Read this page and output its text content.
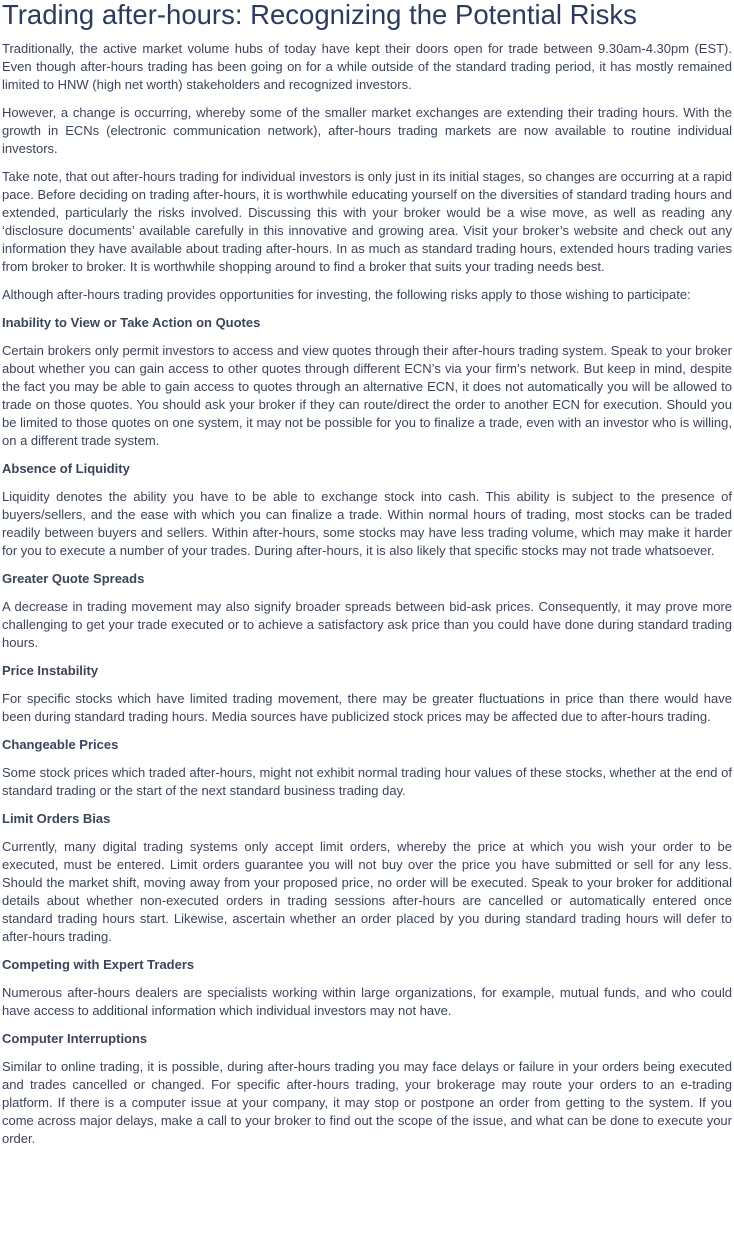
Trading after-hours: Recognizing the Potential Risks

Traditionally, the active market volume hubs of today have kept their doors open for trade between 9.30am-4.30pm (EST). Even though after-hours trading has been going on for a while outside of the standard trading period, it has mostly remained limited to HNW (high net worth) stakeholders and recognized investors.

However, a change is occurring, whereby some of the smaller market exchanges are extending their trading hours. With the growth in ECNs (electronic communication network), after-hours trading markets are now available to routine individual investors.

Take note, that out after-hours trading for individual investors is only just in its initial stages, so changes are occurring at a rapid pace. Before deciding on trading after-hours, it is worthwhile educating yourself on the diversities of standard trading hours and extended, particularly the risks involved. Discussing this with your broker would be a wise move, as well as reading any ‘disclosure documents’ available carefully in this innovative and growing area. Visit your broker’s website and check out any information they have available about trading after-hours. In as much as standard trading hours, extended hours trading varies from broker to broker. It is worthwhile shopping around to find a broker that suits your trading needs best.

Although after-hours trading provides opportunities for investing, the following risks apply to those wishing to participate:

Inability to View or Take Action on Quotes

Certain brokers only permit investors to access and view quotes through their after-hours trading system. Speak to your broker about whether you can gain access to other quotes through different ECN’s via your firm’s network. But keep in mind, despite the fact you may be able to gain access to quotes through an alternative ECN, it does not automatically you will be allowed to trade on those quotes. You should ask your broker if they can route/direct the order to another ECN for execution. Should you be limited to those quotes on one system, it may not be possible for you to finalize a trade, even with an investor who is willing, on a different trade system.

Absence of Liquidity

Liquidity denotes the ability you have to be able to exchange stock into cash. This ability is subject to the presence of buyers/sellers, and the ease with which you can finalize a trade. Within normal hours of trading, most stocks can be traded readily between buyers and sellers. Within after-hours, some stocks may have less trading volume, which may make it harder for you to execute a number of your trades. During after-hours, it is also likely that specific stocks may not trade whatsoever.

Greater Quote Spreads

A decrease in trading movement may also signify broader spreads between bid-ask prices. Consequently, it may prove more challenging to get your trade executed or to achieve a satisfactory ask price than you could have done during standard trading hours.

Price Instability

For specific stocks which have limited trading movement, there may be greater fluctuations in price than there would have been during standard trading hours. Media sources have publicized stock prices may be affected due to after-hours trading.

Changeable Prices

Some stock prices which traded after-hours, might not exhibit normal trading hour values of these stocks, whether at the end of standard trading or the start of the next standard business trading day.

Limit Orders Bias

Currently, many digital trading systems only accept limit orders, whereby the price at which you wish your order to be executed, must be entered. Limit orders guarantee you will not buy over the price you have submitted or sell for any less. Should the market shift, moving away from your proposed price, no order will be executed. Speak to your broker for additional details about whether non-executed orders in trading sessions after-hours are cancelled or automatically entered once standard trading hours start. Likewise, ascertain whether an order placed by you during standard trading hours will defer to after-hours trading.

Competing with Expert Traders

Numerous after-hours dealers are specialists working within large organizations, for example, mutual funds, and who could have access to additional information which individual investors may not have.

Computer Interruptions

Similar to online trading, it is possible, during after-hours trading you may face delays or failure in your orders being executed and trades cancelled or changed. For specific after-hours trading, your brokerage may route your orders to an e-trading platform. If there is a computer issue at your company, it may stop or postpone an order from getting to the system. If you come across major delays, make a call to your broker to find out the scope of the issue, and what can be done to execute your order.
